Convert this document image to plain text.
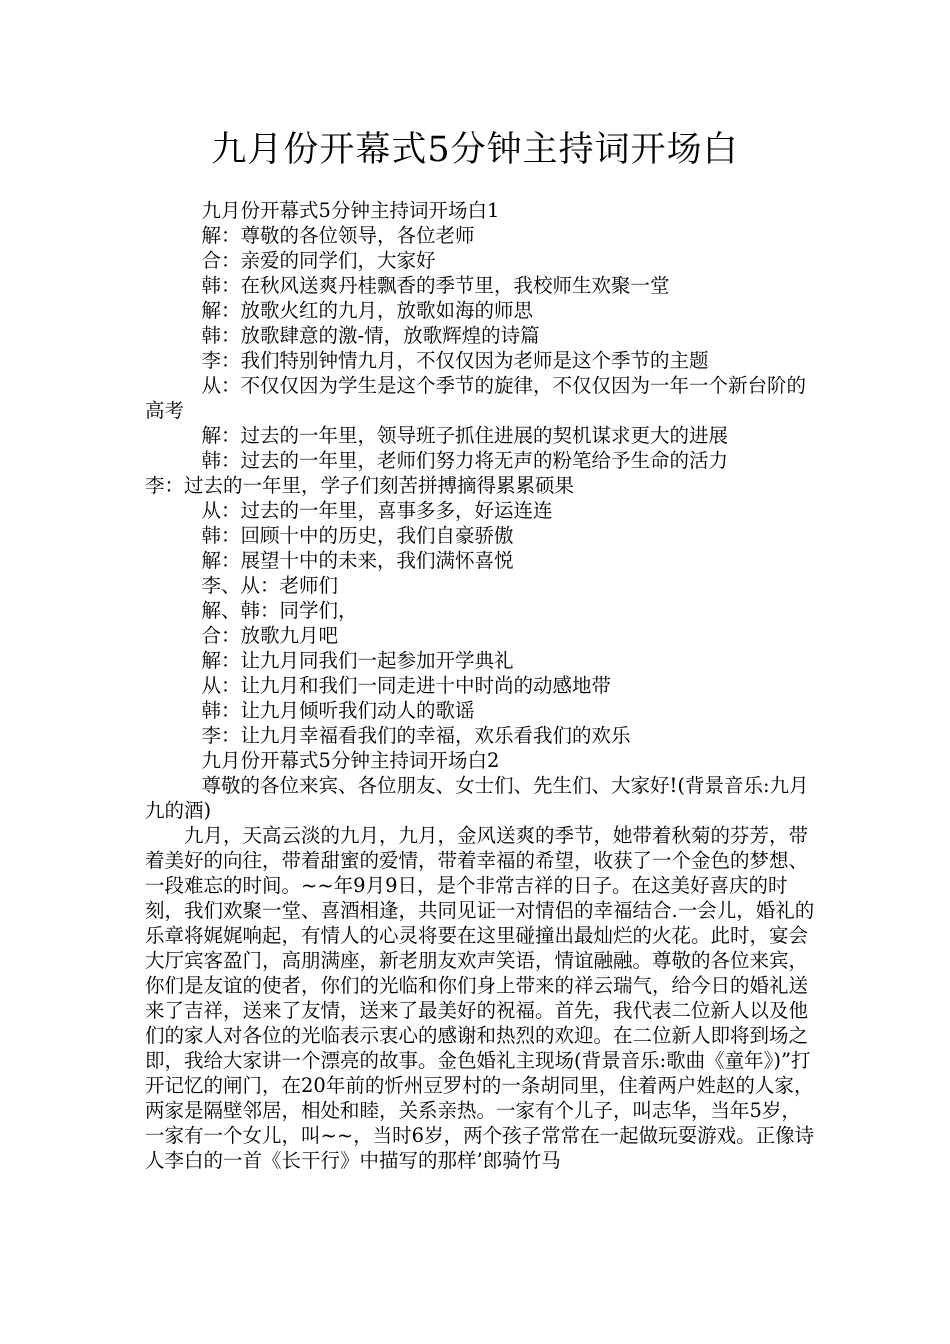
九月份开幕式5分钟主持词开场白

九月份开幕式5分钟主持词开场白1

解：尊敬的各位领导，各位老师

合：亲爱的同学们，大家好

韩：在秋风送爽丹桂飘香的季节里，我校师生欢聚一堂

解：放歌火红的九月，放歌如海的师思

韩：放歌肆意的激-情，放歌辉煌的诗篇

李：我们特别钟情九月，不仅仅因为老师是这个季节的主题

从：不仅仅因为学生是这个季节的旋律，不仅仅因为一年一个新台阶的高考

解：过去的一年里，领导班子抓住进展的契机谋求更大的进展

韩：过去的一年里，老师们努力将无声的粉笔给予生命的活力

李：过去的一年里，学子们刻苦拼搏摘得累累硕果

从：过去的一年里，喜事多多，好运连连

韩：回顾十中的历史，我们自豪骄傲

解：展望十中的未来，我们满怀喜悦

李、从：老师们

解、韩：同学们，

合：放歌九月吧

解：让九月同我们一起参加开学典礼

从：让九月和我们一同走进十中时尚的动感地带

韩：让九月倾听我们动人的歌谣

李：让九月幸福看我们的幸福，欢乐看我们的欢乐

九月份开幕式5分钟主持词开场白2

尊敬的各位来宾、各位朋友、女士们、先生们、大家好!(背景音乐:九月九的酒)

九月，天高云淡的九月，九月，金风送爽的季节，她带着秋菊的芬芳，带着美好的向往，带着甜蜜的爱情，带着幸福的希望，收获了一个金色的梦想、一段难忘的时间。~~年9月9日，是个非常吉祥的日子。在这美好喜庆的时刻，我们欢聚一堂、喜酒相逢，共同见证一对情侣的幸福结合.一会儿，婚礼的乐章将娓娓响起，有情人的心灵将要在这里碰撞出最灿烂的火花。此时，宴会大厅宾客盈门，高朋满座，新老朋友欢声笑语，情谊融融。尊敬的各位来宾，你们是友谊的使者，你们的光临和你们身上带来的祥云瑞气，给今日的婚礼送来了吉祥，送来了友情，送来了最美好的祝福。首先，我代表二位新人以及他们的家人对各位的光临表示衷心的感谢和热烈的欢迎。在二位新人即将到场之即，我给大家讲一个漂亮的故事。金色婚礼主现场(背景音乐:歌曲《童年》)”打开记忆的闸门，在20年前的忻州豆罗村的一条胡同里，住着两户姓赵的人家，两家是隔壁邻居，相处和睦，关系亲热。一家有个儿子，叫志华，当年5岁，一家有一个女儿，叫~~，当时6岁，两个孩子常常在一起做玩耍游戏。正像诗人李白的一首《长干行》中描写的那样’郎骑竹马
